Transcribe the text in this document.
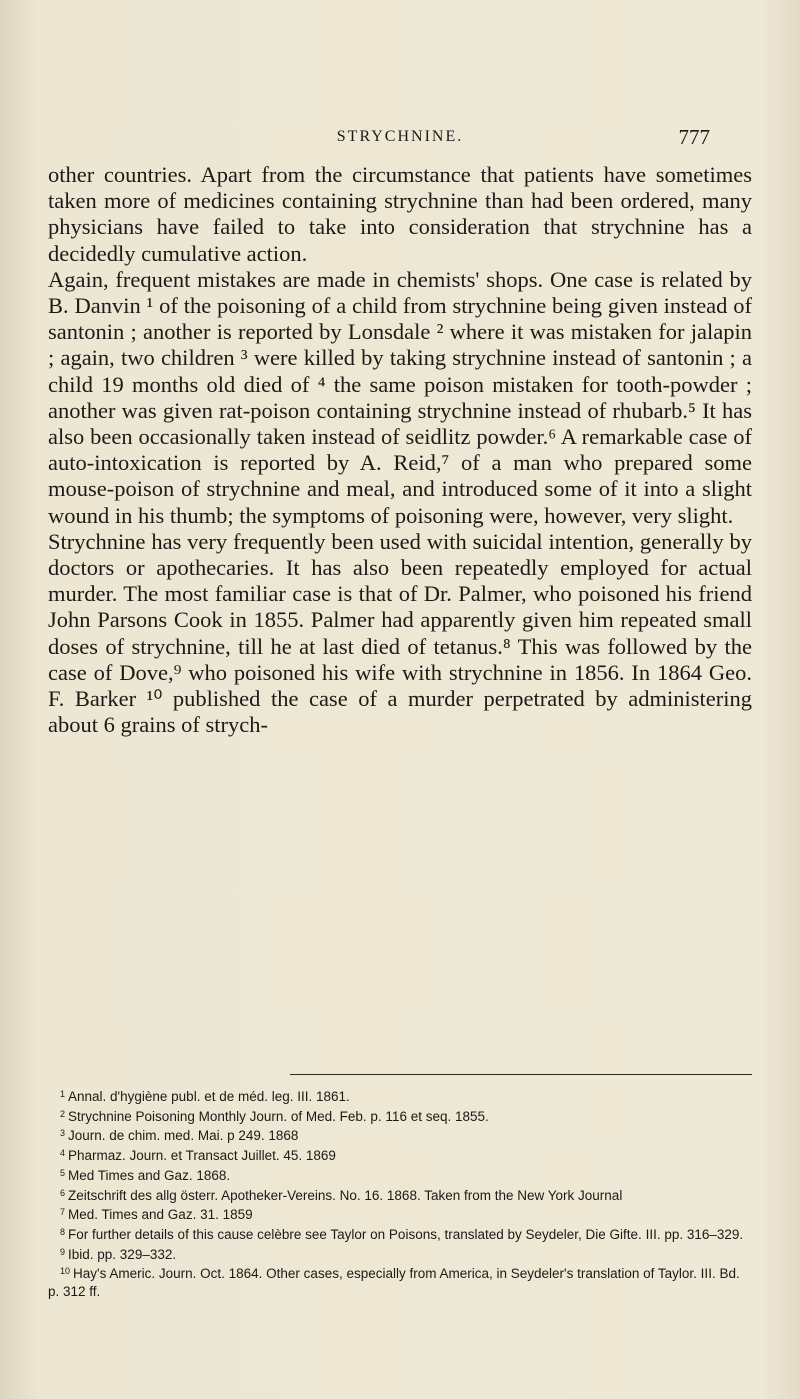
STRYCHNINE.	777

other countries. Apart from the circumstance that patients have sometimes taken more of medicines containing strychnine than had been ordered, many physicians have failed to take into consideration that strychnine has a decidedly cumulative action.

Again, frequent mistakes are made in chemists' shops. One case is related by B. Danvin ¹ of the poisoning of a child from strychnine being given instead of santonin ; another is reported by Lonsdale ² where it was mistaken for jalapin ; again, two children ³ were killed by taking strychnine instead of santonin ; a child 19 months old died of ⁴ the same poison mistaken for tooth-powder ; another was given rat-poison containing strychnine instead of rhubarb.⁵ It has also been occasionally taken instead of seidlitz powder.⁶ A remarkable case of auto-intoxication is reported by A. Reid,⁷ of a man who prepared some mouse-poison of strychnine and meal, and introduced some of it into a slight wound in his thumb; the symptoms of poisoning were, however, very slight.

Strychnine has very frequently been used with suicidal intention, generally by doctors or apothecaries. It has also been repeatedly employed for actual murder. The most familiar case is that of Dr. Palmer, who poisoned his friend John Parsons Cook in 1855. Palmer had apparently given him repeated small doses of strychnine, till he at last died of tetanus.⁸ This was followed by the case of Dove,⁹ who poisoned his wife with strychnine in 1856. In 1864 Geo. F. Barker ¹⁰ published the case of a murder perpetrated by administering about 6 grains of strych-

$^1$ Annal. d'hygiène publ. et de méd. leg. III. 1861.

$^2$ Strychnine Poisoning Monthly Journ. of Med. Feb. p. 116 et seq. 1855.

$^3$ Journ. de chim. med. Mai. p 249. 1868

$^4$ Pharmaz. Journ. et Transact Juillet. 45. 1869

$^5$ Med Times and Gaz. 1868.

$^6$ Zeitschrift des allg österr. Apotheker-Vereins. No. 16. 1868. Taken from the New York Journal

$^7$ Med. Times and Gaz. 31. 1859

$^8$ For further details of this cause celèbre see Taylor on Poisons, translated by Seydeler, Die Gifte. III. pp. 316–329.

$^9$ Ibid. pp. 329–332.

$^{10}$ Hay's Americ. Journ. Oct. 1864. Other cases, especially from America, in Seydeler's translation of Taylor. III. Bd. p. 312 ff.
